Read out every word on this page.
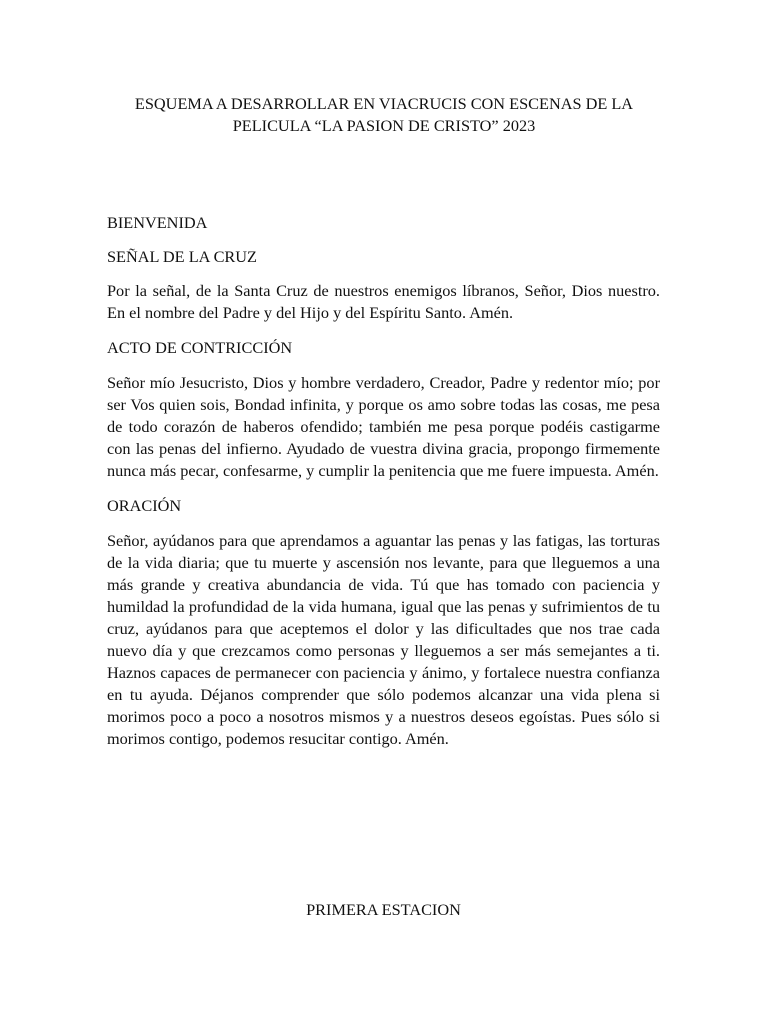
ESQUEMA A DESARROLLAR EN VIACRUCIS CON ESCENAS DE LA
PELICULA “LA PASION DE CRISTO” 2023

BIENVENIDA

SEÑAL DE LA CRUZ

Por la señal, de la Santa Cruz de nuestros enemigos líbranos, Señor, Dios nuestro. En el nombre del Padre y del Hijo y del Espíritu Santo. Amén.

ACTO DE CONTRICCIÓN

Señor mío Jesucristo, Dios y hombre verdadero, Creador, Padre y redentor mío; por ser Vos quien sois, Bondad infinita, y porque os amo sobre todas las cosas, me pesa de todo corazón de haberos ofendido; también me pesa porque podéis castigarme con las penas del infierno. Ayudado de vuestra divina gracia, propongo firmemente nunca más pecar, confesarme, y cumplir la penitencia que me fuere impuesta. Amén.

ORACIÓN

Señor, ayúdanos para que aprendamos a aguantar las penas y las fatigas, las torturas de la vida diaria; que tu muerte y ascensión nos levante, para que lleguemos a una más grande y creativa abundancia de vida. Tú que has tomado con paciencia y humildad la profundidad de la vida humana, igual que las penas y sufrimientos de tu cruz, ayúdanos para que aceptemos el dolor y las dificultades que nos trae cada nuevo día y que crezcamos como personas y lleguemos a ser más semejantes a ti. Haznos capaces de permanecer con paciencia y ánimo, y fortalece nuestra confianza en tu ayuda. Déjanos comprender que sólo podemos alcanzar una vida plena si morimos poco a poco a nosotros mismos y a nuestros deseos egoístas. Pues sólo si morimos contigo, podemos resucitar contigo. Amén.

PRIMERA ESTACION
